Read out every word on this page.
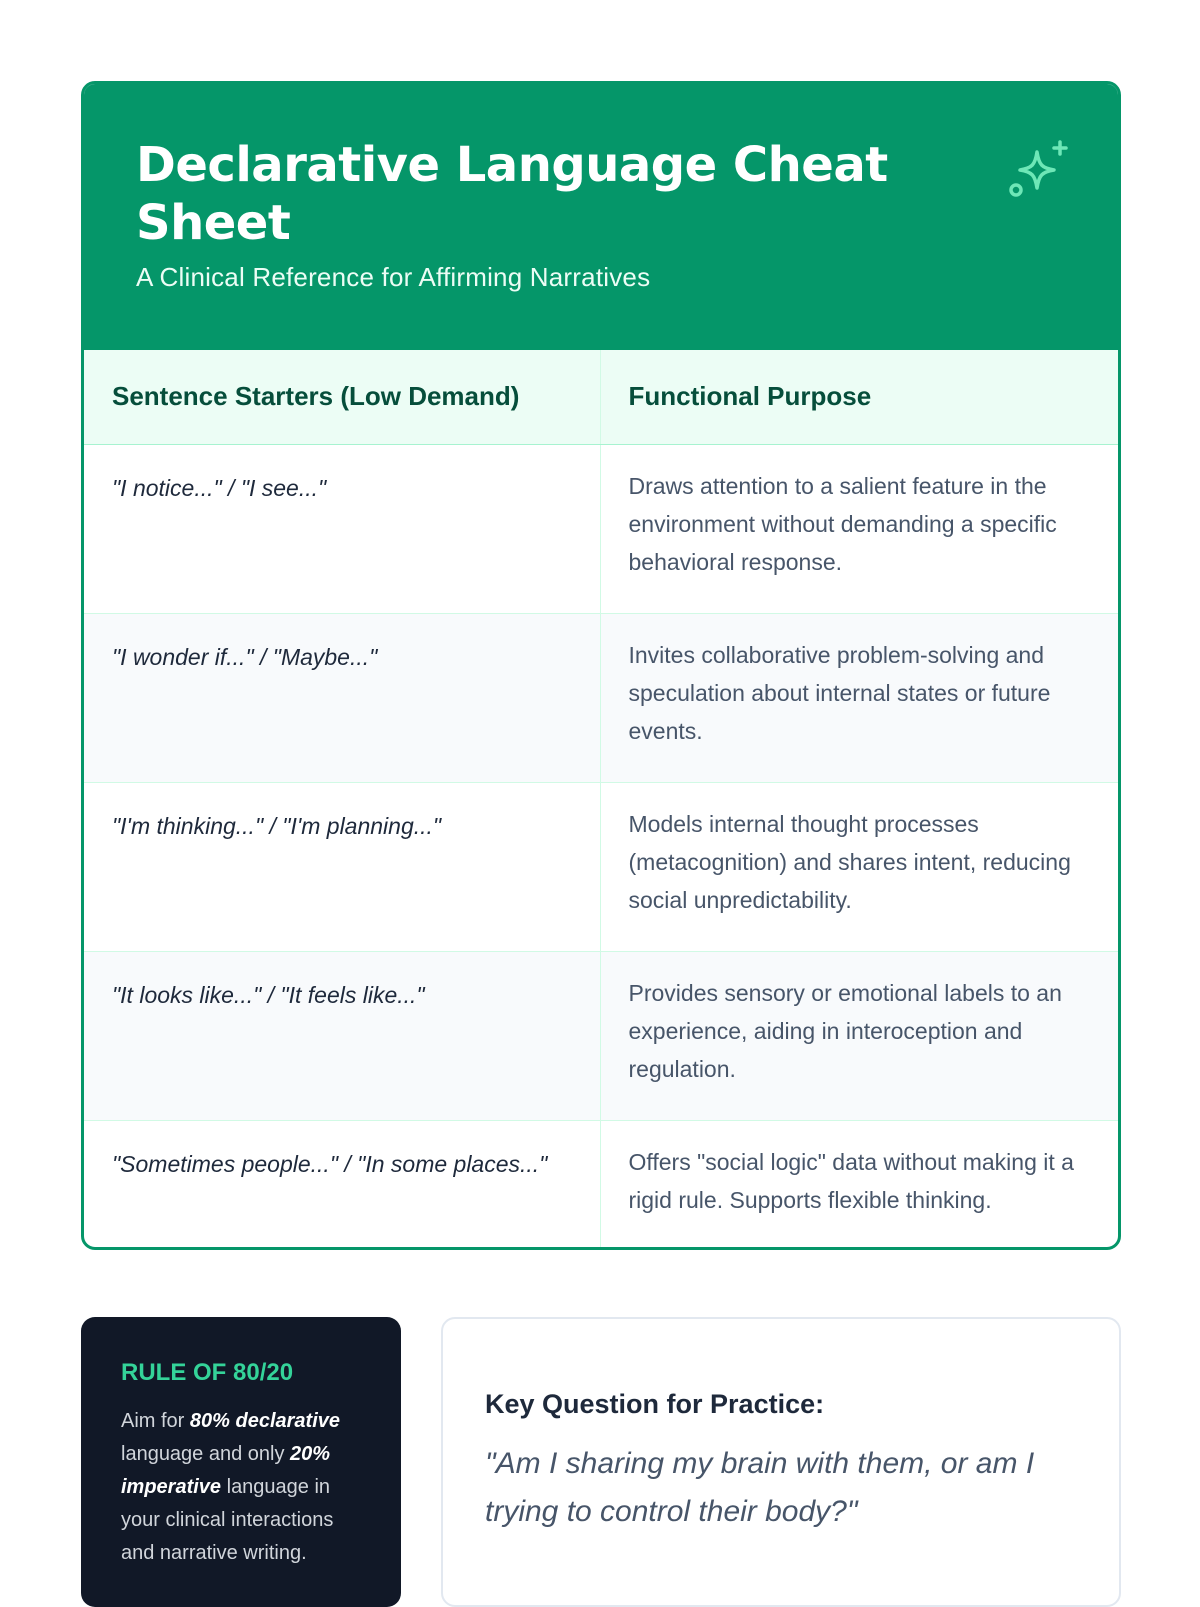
Declarative Language Cheat Sheet
A Clinical Reference for Affirming Narratives
Sentence Starters (Low Demand)	Functional Purpose
"I notice..." / "I see..."	Draws attention to a salient feature in the environment without demanding a specific behavioral response.
"I wonder if..." / "Maybe..."	Invites collaborative problem-solving and speculation about internal states or future events.
"I'm thinking..." / "I'm planning..."	Models internal thought processes (metacognition) and shares intent, reducing social unpredictability.
"It looks like..." / "It feels like..."	Provides sensory or emotional labels to an experience, aiding in interoception and regulation.
"Sometimes people..." / "In some places..."	Offers "social logic" data without making it a rigid rule. Supports flexible thinking.
RULE OF 80/20

Aim for 80% declarative language and only 20% imperative language in your clinical interactions and narrative writing.

Key Question for Practice:
"Am I sharing my brain with them, or am I trying to control their body?"
